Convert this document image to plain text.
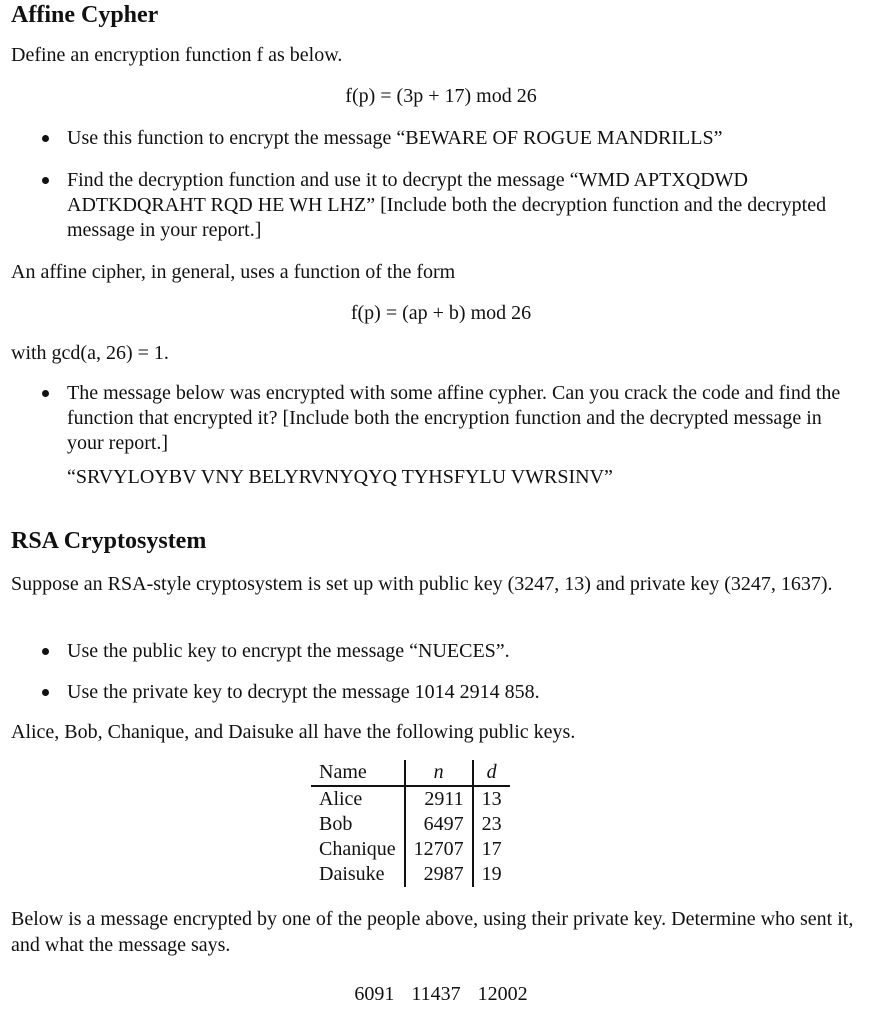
Affine Cypher
Define an encryption function f as below.
f(p) = (3p + 17) mod 26
Use this function to encrypt the message “BEWARE OF ROGUE MANDRILLS”
Find the decryption function and use it to decrypt the message “WMD APTXQDWD ADTKDQRAHT RQD HE WH LHZ” [Include both the decryption function and the decrypted message in your report.]
An affine cipher, in general, uses a function of the form
f(p) = (ap + b) mod 26
with gcd(a, 26) = 1.
The message below was encrypted with some affine cypher. Can you crack the code and find the function that encrypted it? [Include both the encryption function and the decrypted message in your report.]
“SRVYLOYBV VNY BELYRVNYQYQ TYHSFYLU VWRSINV”
RSA Cryptosystem
Suppose an RSA-style cryptosystem is set up with public key (3247, 13) and private key (3247, 1637).
Use the public key to encrypt the message “NUECES”.
Use the private key to decrypt the message 1014 2914 858.
Alice, Bob, Chanique, and Daisuke all have the following public keys.
Name	n	d
Alice	2911	13
Bob	6497	23
Chanique	12707	17
Daisuke	2987	19
Below is a message encrypted by one of the people above, using their private key. Determine who sent it, and what the message says.
6091 11437 12002
